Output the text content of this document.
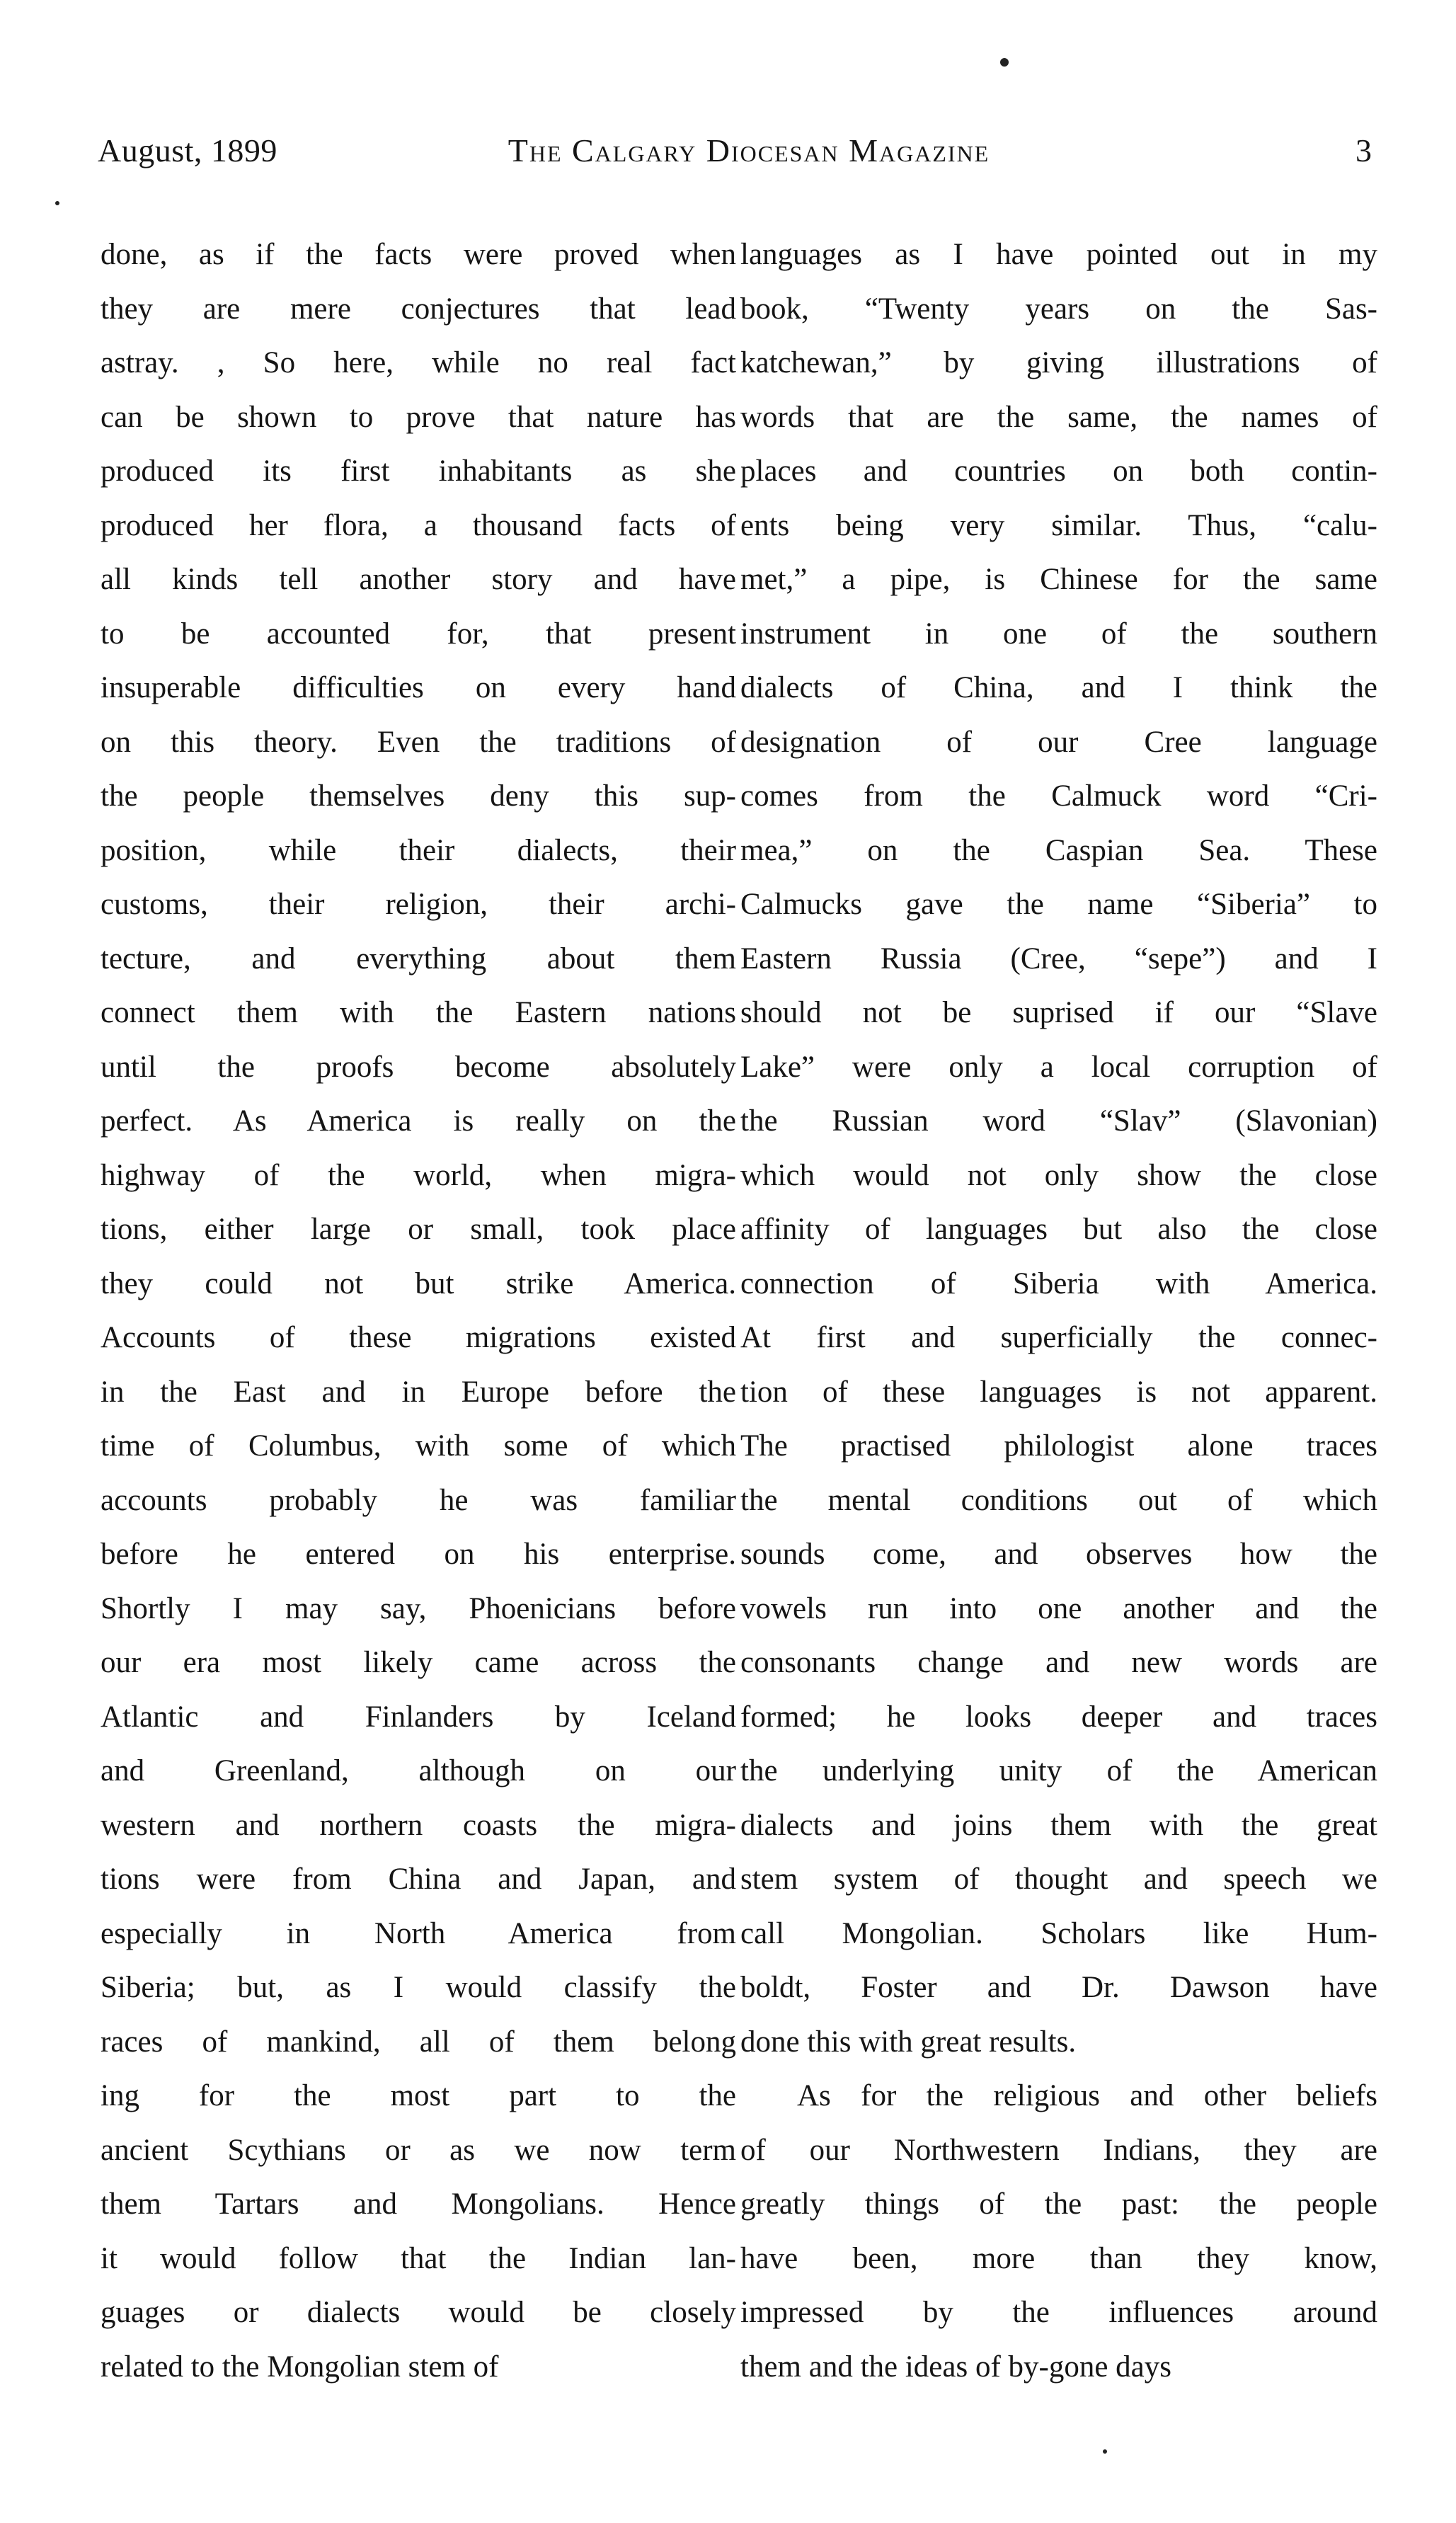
August, 1899	The Calgary Diocesan Magazine	3
done, as if the facts were proved when
they are mere conjectures that lead
astray. , So here, while no real fact
can be shown to prove that nature has
produced its first inhabitants as she
produced her flora, a thousand facts of
all kinds tell another story and have
to be accounted for, that present
insuperable difficulties on every hand
on this theory. Even the traditions of
the people themselves deny this sup-
position, while their dialects, their
customs, their religion, their archi-
tecture, and everything about them
connect them with the Eastern nations
until the proofs become absolutely
perfect. As America is really on the
highway of the world, when migra-
tions, either large or small, took place
they could not but strike America.
Accounts of these migrations existed
in the East and in Europe before the
time of Columbus, with some of which
accounts probably he was familiar
before he entered on his enterprise.
Shortly I may say, Phoenicians before
our era most likely came across the
Atlantic and Finlanders by Iceland
and Greenland, although on our
western and northern coasts the migra-
tions were from China and Japan, and
especially in North America from
Siberia; but, as I would classify the
races of mankind, all of them belong
ing for the most part to the
ancient Scythians or as we now term
them Tartars and Mongolians. Hence
it would follow that the Indian lan-
guages or dialects would be closely
related to the Mongolian stem of
languages as I have pointed out in my
book, “Twenty years on the Sas-
katchewan,” by giving illustrations of
words that are the same, the names of
places and countries on both contin-
ents being very similar. Thus, “calu-
met,” a pipe, is Chinese for the same
instrument in one of the southern
dialects of China, and I think the
designation of our Cree language
comes from the Calmuck word “Cri-
mea,” on the Caspian Sea. These
Calmucks gave the name “Siberia” to
Eastern Russia (Cree, “sepe”) and I
should not be suprised if our “Slave
Lake” were only a local corruption of
the Russian word “Slav” (Slavonian)
which would not only show the close
affinity of languages but also the close
connection of Siberia with America.
At first and superficially the connec-
tion of these languages is not apparent.
The practised philologist alone traces
the mental conditions out of which
sounds come, and observes how the
vowels run into one another and the
consonants change and new words are
formed; he looks deeper and traces
the underlying unity of the American
dialects and joins them with the great
stem system of thought and speech we
call Mongolian. Scholars like Hum-
boldt, Foster and Dr. Dawson have
done this with great results.
As for the religious and other beliefs
of our Northwestern Indians, they are
greatly things of the past: the people
have been, more than they know,
impressed by the influences around
them and the ideas of by-gone days
